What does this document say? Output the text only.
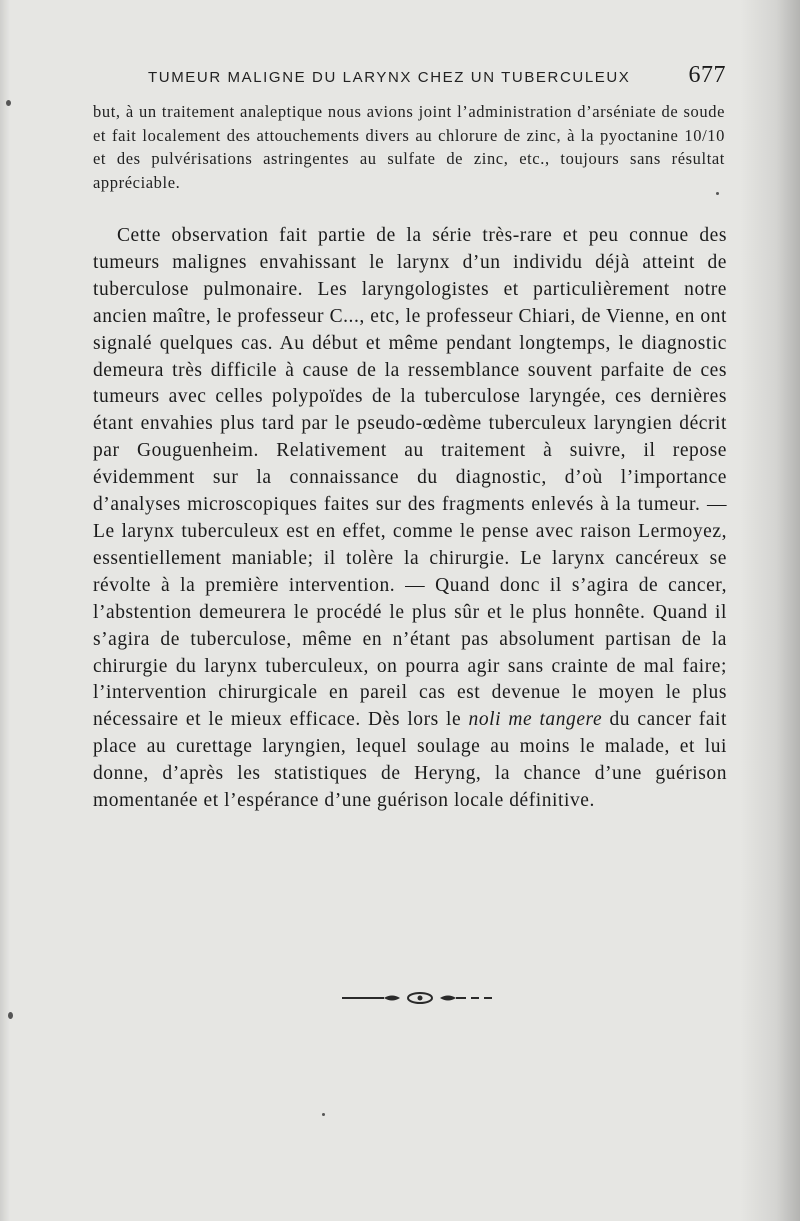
TUMEUR MALIGNE DU LARYNX CHEZ UN TUBERCULEUX 677

but, à un traitement analeptique nous avions joint l’administration d’arséniate de soude et fait localement des attouchements divers au chlorure de zinc, à la pyoctanine 10/10 et des pulvérisations astringentes au sulfate de zinc, etc., toujours sans résultat appréciable.

Cette observation fait partie de la série très-rare et peu connue des tumeurs malignes envahissant le larynx d’un individu déjà atteint de tuberculose pulmonaire. Les laryngologistes et particulièrement notre ancien maître, le professeur C..., etc, le professeur Chiari, de Vienne, en ont signalé quelques cas. Au début et même pendant longtemps, le diagnostic demeura très difficile à cause de la ressemblance souvent parfaite de ces tumeurs avec celles polypoïdes de la tuberculose laryngée, ces dernières étant envahies plus tard par le pseudo-œdème tuberculeux laryngien décrit par Gouguenheim. Relativement au traitement à suivre, il repose évidemment sur la connaissance du diagnostic, d’où l’importance d’analyses microscopiques faites sur des fragments enlevés à la tumeur. — Le larynx tuberculeux est en effet, comme le pense avec raison Lermoyez, essentiellement maniable; il tolère la chirurgie. Le larynx cancéreux se révolte à la première intervention. — Quand donc il s’agira de cancer, l’abstention demeurera le procédé le plus sûr et le plus honnête. Quand il s’agira de tuberculose, même en n’étant pas absolument partisan de la chirurgie du larynx tuberculeux, on pourra agir sans crainte de mal faire; l’intervention chirurgicale en pareil cas est devenue le moyen le plus nécessaire et le mieux efficace. Dès lors le noli me tangere du cancer fait place au curettage laryngien, lequel soulage au moins le malade, et lui donne, d’après les statistiques de Heryng, la chance d’une guérison momentanée et l’espérance d’une guérison locale définitive.
